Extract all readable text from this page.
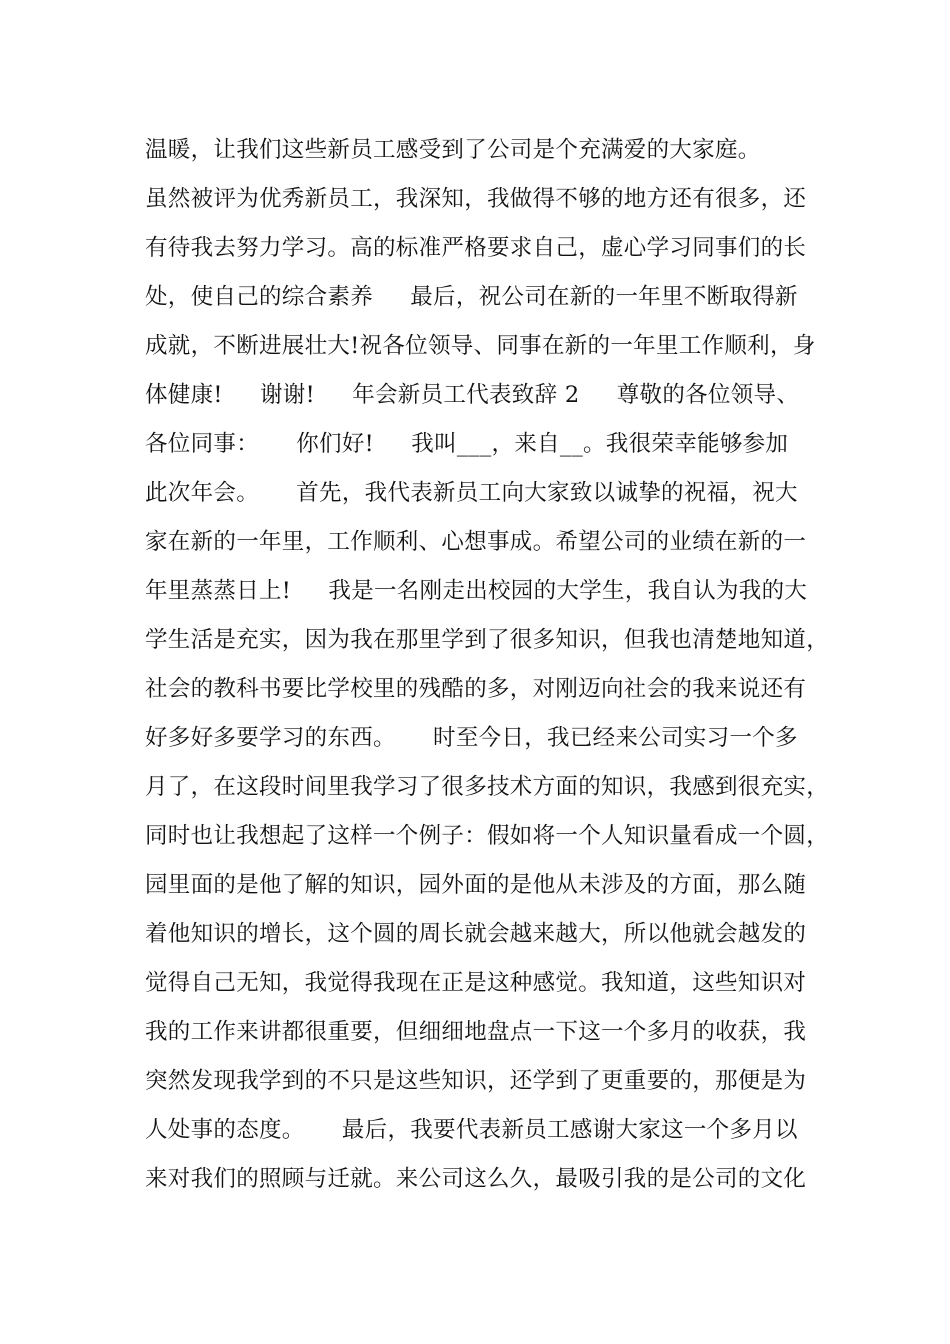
温暖，让我们这些新员工感受到了公司是个充满爱的大家庭。
虽然被评为优秀新员工，我深知，我做得不够的地方还有很多，还
有待我去努力学习。高的标准严格要求自己，虚心学习同事们的长
处，使自己的综合素养     最后，祝公司在新的一年里不断取得新
成就，不断进展壮大!祝各位领导、同事在新的一年里工作顺利，身
体健康!     谢谢!     年会新员工代表致辞 2     尊敬的各位领导、
各位同事：     你们好!     我叫___，来自__。我很荣幸能够参加
此次年会。     首先，我代表新员工向大家致以诚挚的祝福，祝大
家在新的一年里，工作顺利、心想事成。希望公司的业绩在新的一
年里蒸蒸日上!     我是一名刚走出校园的大学生，我自认为我的大
学生活是充实，因为我在那里学到了很多知识，但我也清楚地知道，
社会的教科书要比学校里的残酷的多，对刚迈向社会的我来说还有
好多好多要学习的东西。     时至今日，我已经来公司实习一个多
月了，在这段时间里我学习了很多技术方面的知识，我感到很充实，
同时也让我想起了这样一个例子：假如将一个人知识量看成一个圆，
园里面的是他了解的知识，园外面的是他从未涉及的方面，那么随
着他知识的增长，这个圆的周长就会越来越大，所以他就会越发的
觉得自己无知，我觉得我现在正是这种感觉。我知道，这些知识对
我的工作来讲都很重要，但细细地盘点一下这一个多月的收获，我
突然发现我学到的不只是这些知识，还学到了更重要的，那便是为
人处事的态度。     最后，我要代表新员工感谢大家这一个多月以
来对我们的照顾与迁就。来公司这么久，最吸引我的是公司的文化
